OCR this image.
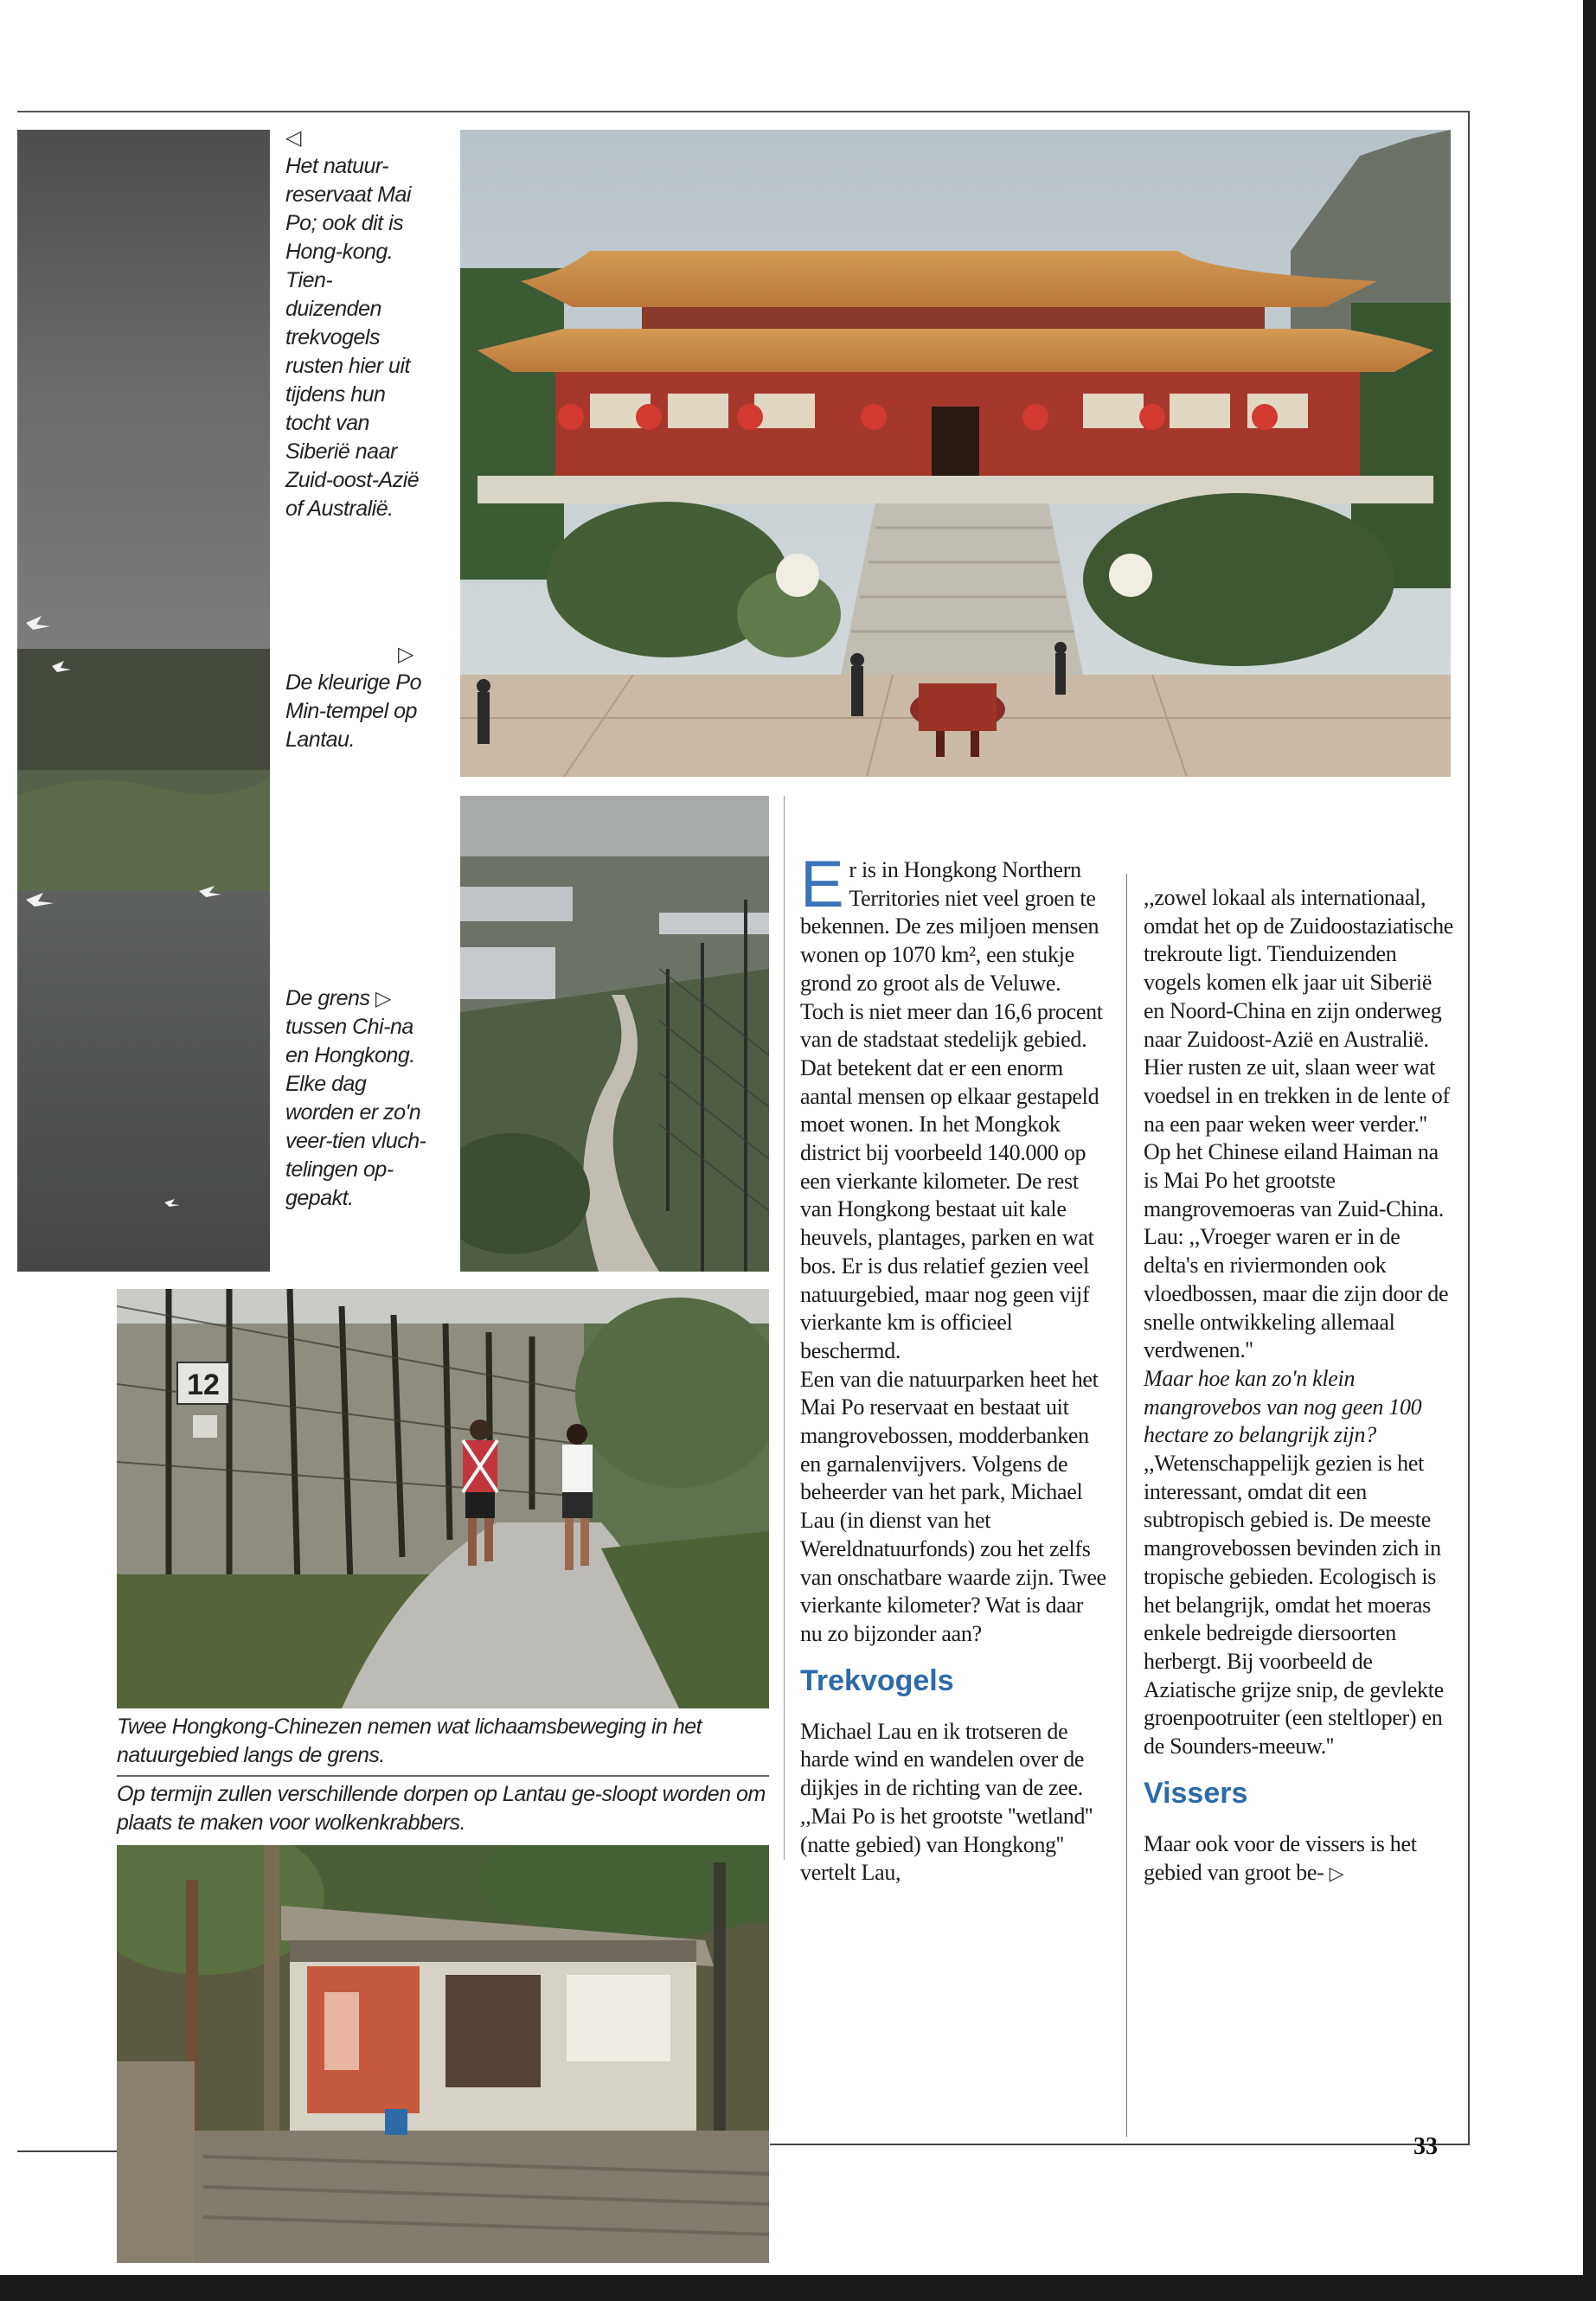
◁
Het natuur-reservaat Mai Po; ook dit is Hong-kong. Tien-duizenden trekvogels rusten hier uit tijdens hun tocht van Siberië naar Zuid-oost-Azië of Australië.

▷
De kleurige Po Min-tempel op Lantau.

De grens ▷
tussen Chi-na en Hongkong. Elke dag worden er zo'n veer-tien vluch-telingen op-gepakt.

12

Twee Hongkong-Chinezen nemen wat lichaamsbeweging in het natuurgebied langs de grens.

Op termijn zullen verschillende dorpen op Lantau ge-sloopt worden om plaats te maken voor wolkenkrabbers.

Er is in Hongkong Northern Territories niet veel groen te bekennen. De zes miljoen mensen wonen op 1070 km², een stukje grond zo groot als de Veluwe. Toch is niet meer dan 16,6 procent van de stadstaat stedelijk gebied. Dat betekent dat er een enorm aantal mensen op elkaar gestapeld moet wonen. In het Mongkok district bij voorbeeld 140.000 op een vierkante kilometer. De rest van Hongkong bestaat uit kale heuvels, plantages, parken en wat bos. Er is dus relatief gezien veel natuurgebied, maar nog geen vijf vierkante km is officieel beschermd.

Een van die natuurparken heet het Mai Po reservaat en bestaat uit mangrovebossen, modderbanken en garnalenvijvers. Volgens de beheerder van het park, Michael Lau (in dienst van het Wereldnatuurfonds) zou het zelfs van onschatbare waarde zijn. Twee vierkante kilometer? Wat is daar nu zo bijzonder aan?

Trekvogels

Michael Lau en ik trotseren de harde wind en wandelen over de dijkjes in de richting van de zee. ,,Mai Po is het grootste ''wetland'' (natte gebied) van Hongkong'' vertelt Lau,

,,zowel lokaal als internationaal, omdat het op de Zuidoostaziatische trekroute ligt. Tienduizenden vogels komen elk jaar uit Siberië en Noord-China en zijn onderweg naar Zuidoost-Azië en Australië. Hier rusten ze uit, slaan weer wat voedsel in en trekken in de lente of na een paar weken weer verder.''

Op het Chinese eiland Haiman na is Mai Po het grootste mangrovemoeras van Zuid-China. Lau: ,,Vroeger waren er in de delta's en riviermonden ook vloedbossen, maar die zijn door de snelle ontwikkeling allemaal verdwenen.''

Maar hoe kan zo'n klein mangrovebos van nog geen 100 hectare zo belangrijk zijn?

,,Wetenschappelijk gezien is het interessant, omdat dit een subtropisch gebied is. De meeste mangrovebossen bevinden zich in tropische gebieden. Ecologisch is het belangrijk, omdat het moeras enkele bedreigde diersoorten herbergt. Bij voorbeeld de Aziatische grijze snip, de gevlekte groenpootruiter (een steltloper) en de Sounders-meeuw.''

Vissers

Maar ook voor de vissers is het gebied van groot be- ▷

33
